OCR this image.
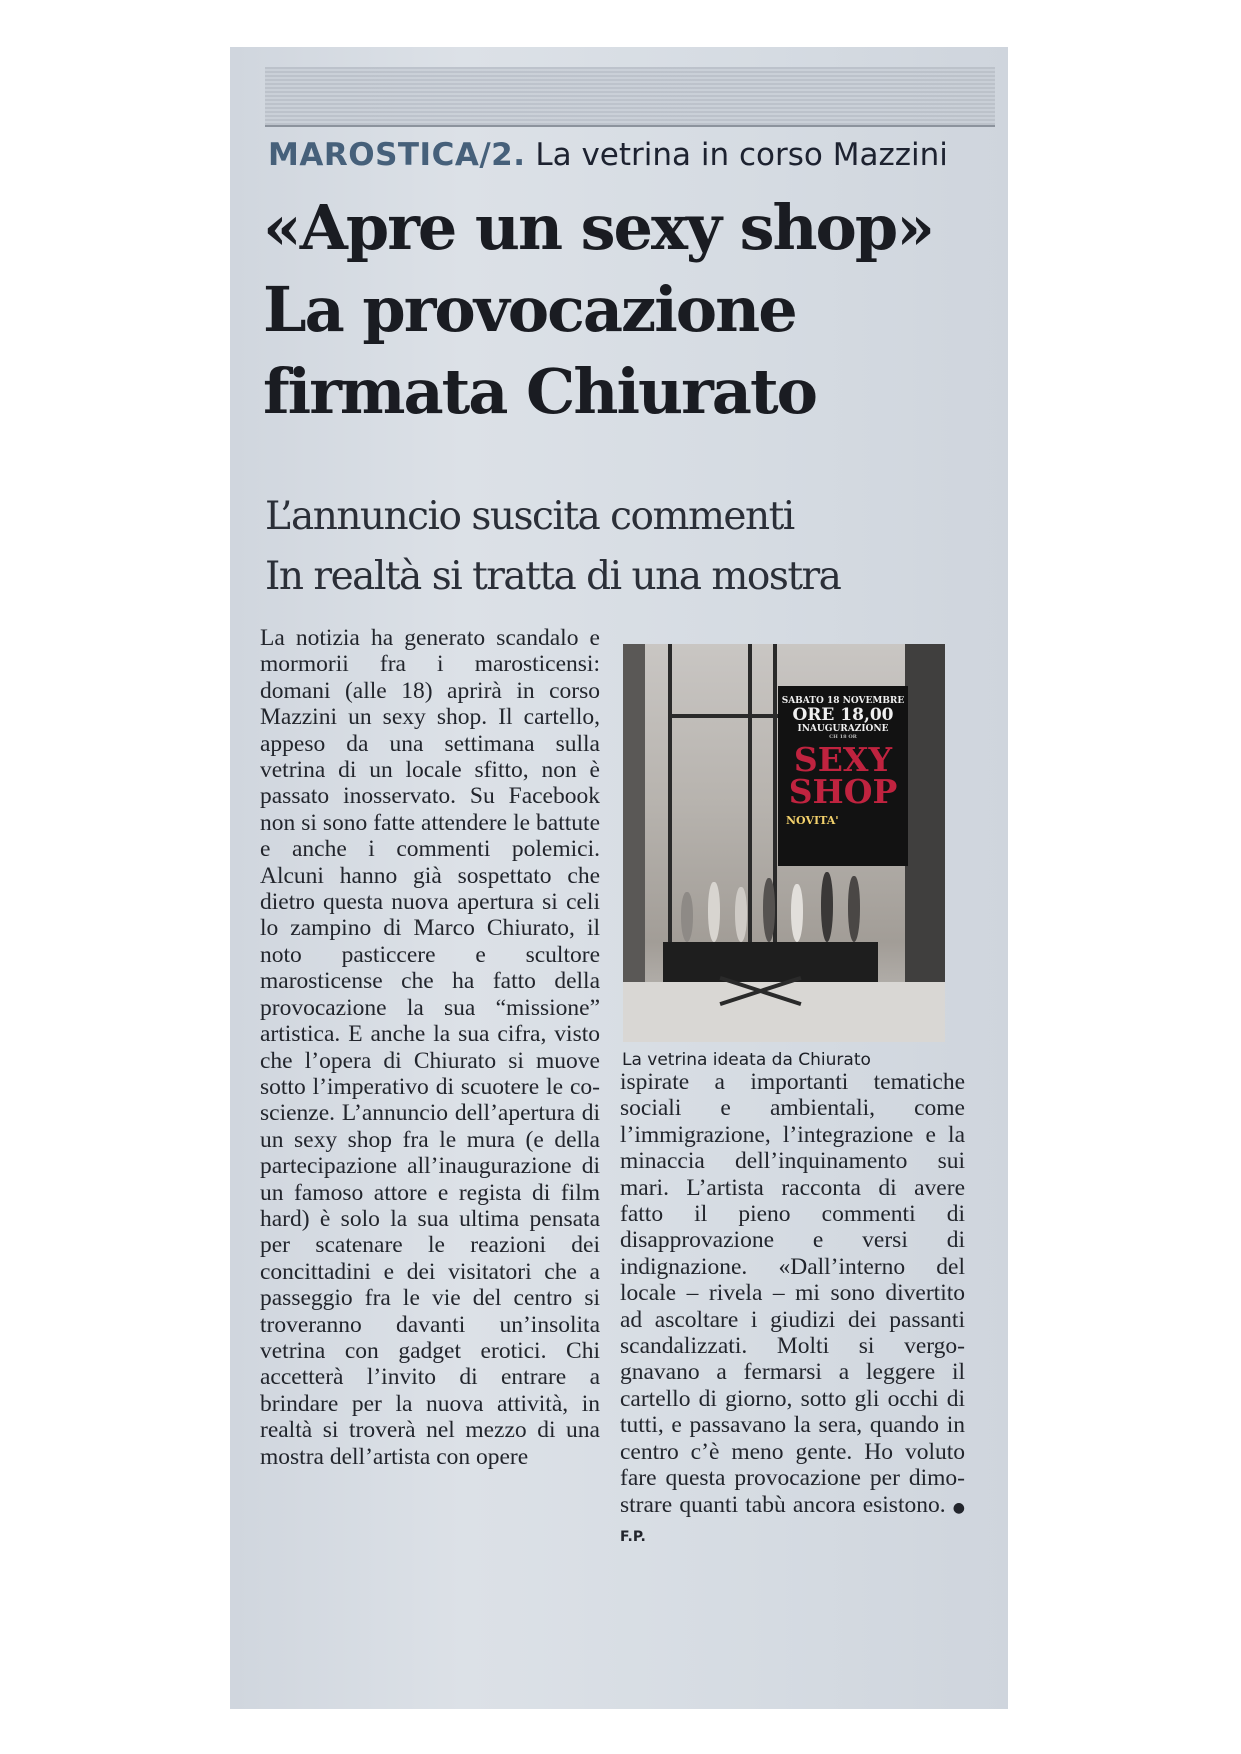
MAROSTICA/2. La vetrina in corso Mazzini
«Apre un sexy shop»
La provocazione
firmata Chiurato
L’annuncio suscita commenti
In realtà si tratta di una mostra

La notizia ha generato scandalo e mormorii fra i marosticensi: domani (alle 18) aprirà in corso Mazzini un sexy shop. Il cartello, appeso da una settimana sulla vetrina di un locale sfitto, non è passato inosservato. Su Facebook non si sono fatte attendere le battute e anche i commenti polemici. Alcuni hanno già sospettato che dietro questa nuova apertura si celi lo zampino di Marco Chiurato, il noto pasticcere e scultore marosticense che ha fatto della provocazione la sua “missione” artistica. E anche la sua cifra, visto che l’opera di Chiurato si muove sotto l’imperativo di scuotere le coscienze. L’annuncio dell’apertura di un sexy shop fra le mura (e della partecipazione all’inaugurazione di un famoso attore e regista di film hard) è solo la sua ultima pensata per scatenare le reazioni dei concittadini e dei visitatori che a passeggio fra le vie del centro si troveranno davanti un’insolita vetrina con gadget erotici. Chi accetterà l’invito di entrare a brindare per la nuova attività, in realtà si troverà nel mezzo di una mostra dell’artista con opere

SABATO 18 NOVEMBRE
ORE 18,00
INAUGURAZIONE
CH 18 OR
SEXY
SHOP
NOVITA'
La vetrina ideata da Chiurato

ispirate a importanti tematiche sociali e ambientali, come l’immigrazione, l’integrazione e la minaccia dell’inquinamento sui mari. L’artista racconta di avere fatto il pieno commenti di disapprovazione e versi di indignazione. «Dall’interno del locale – rivela – mi sono divertito ad ascoltare i giudizi dei passanti scandalizzati. Molti si vergognavano a fermarsi a leggere il cartello di giorno, sotto gli occhi di tutti, e passavano la sera, quando in centro c’è meno gente. Ho voluto fare questa provocazione per dimostrare quanti tabù ancora esistono. ● F.P.
